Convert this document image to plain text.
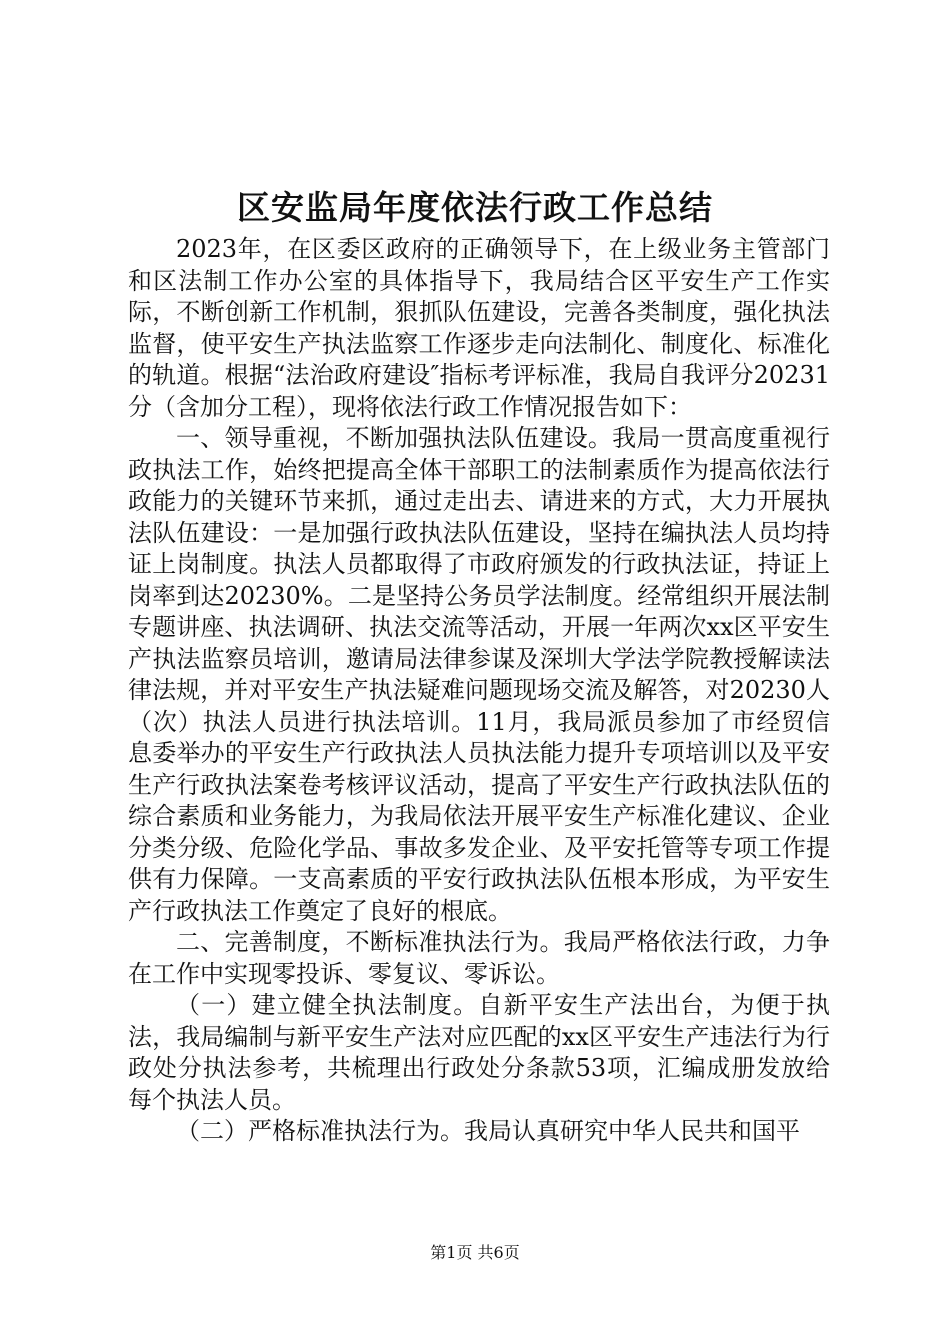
区安监局年度依法行政工作总结

2023年，在区委区政府的正确领导下，在上级业务主管部门和区法制工作办公室的具体指导下，我局结合区平安生产工作实际，不断创新工作机制，狠抓队伍建设，完善各类制度，强化执法监督，使平安生产执法监察工作逐步走向法制化、制度化、标准化的轨道。根据“法治政府建设″指标考评标准，我局自我评分20231分（含加分工程），现将依法行政工作情况报告如下：

一、领导重视，不断加强执法队伍建设。我局一贯高度重视行政执法工作，始终把提高全体干部职工的法制素质作为提高依法行政能力的关键环节来抓，通过走出去、请进来的方式，大力开展执法队伍建设：一是加强行政执法队伍建设，坚持在编执法人员均持证上岗制度。执法人员都取得了市政府颁发的行政执法证，持证上岗率到达20230%。二是坚持公务员学法制度。经常组织开展法制专题讲座、执法调研、执法交流等活动，开展一年两次xx区平安生产执法监察员培训，邀请局法律参谋及深圳大学法学院教授解读法律法规，并对平安生产执法疑难问题现场交流及解答，对20230人（次）执法人员进行执法培训。11月，我局派员参加了市经贸信息委举办的平安生产行政执法人员执法能力提升专项培训以及平安生产行政执法案卷考核评议活动，提高了平安生产行政执法队伍的综合素质和业务能力，为我局依法开展平安生产标准化建议、企业分类分级、危险化学品、事故多发企业、及平安托管等专项工作提供有力保障。一支高素质的平安行政执法队伍根本形成，为平安生产行政执法工作奠定了良好的根底。

二、完善制度，不断标准执法行为。我局严格依法行政，力争在工作中实现零投诉、零复议、零诉讼。

（一）建立健全执法制度。自新平安生产法出台，为便于执法，我局编制与新平安生产法对应匹配的xx区平安生产违法行为行政处分执法参考，共梳理出行政处分条款53项，汇编成册发放给每个执法人员。

（二）严格标准执法行为。我局认真研究中华人民共和国平

第1页 共6页
